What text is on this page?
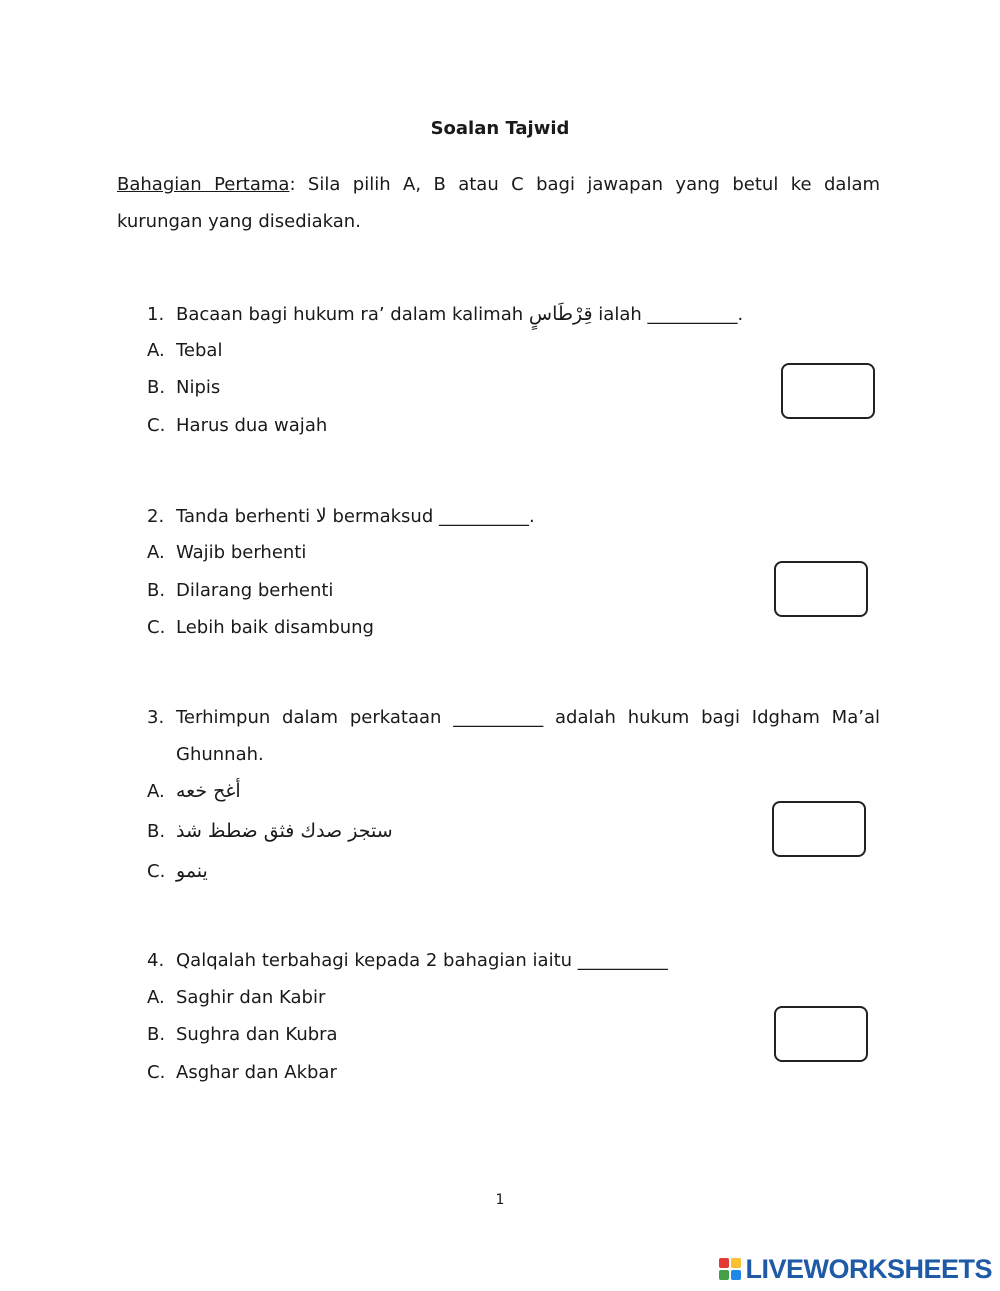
Soalan Tajwid
Bahagian Pertama: Sila pilih A, B atau C bagi jawapan yang betul ke dalam kurungan yang disediakan.
1. Bacaan bagi hukum ra’ dalam kalimah قِرْطَاسٍ ialah __________.
A. Tebal
B. Nipis
C. Harus dua wajah
2. Tanda berhenti لا bermaksud __________.
A. Wajib berhenti
B. Dilarang berhenti
C. Lebih baik disambung
3. Terhimpun dalam perkataan __________ adalah hukum bagi Idgham Ma’al Ghunnah.
A. أغح خعه
B. ستجز صدك فثق ضطظ شذ
C. ينمو
4. Qalqalah terbahagi kepada 2 bahagian iaitu __________
A. Saghir dan Kabir
B. Sughra dan Kubra
C. Asghar dan Akbar
1
LIVEWORKSHEETS
